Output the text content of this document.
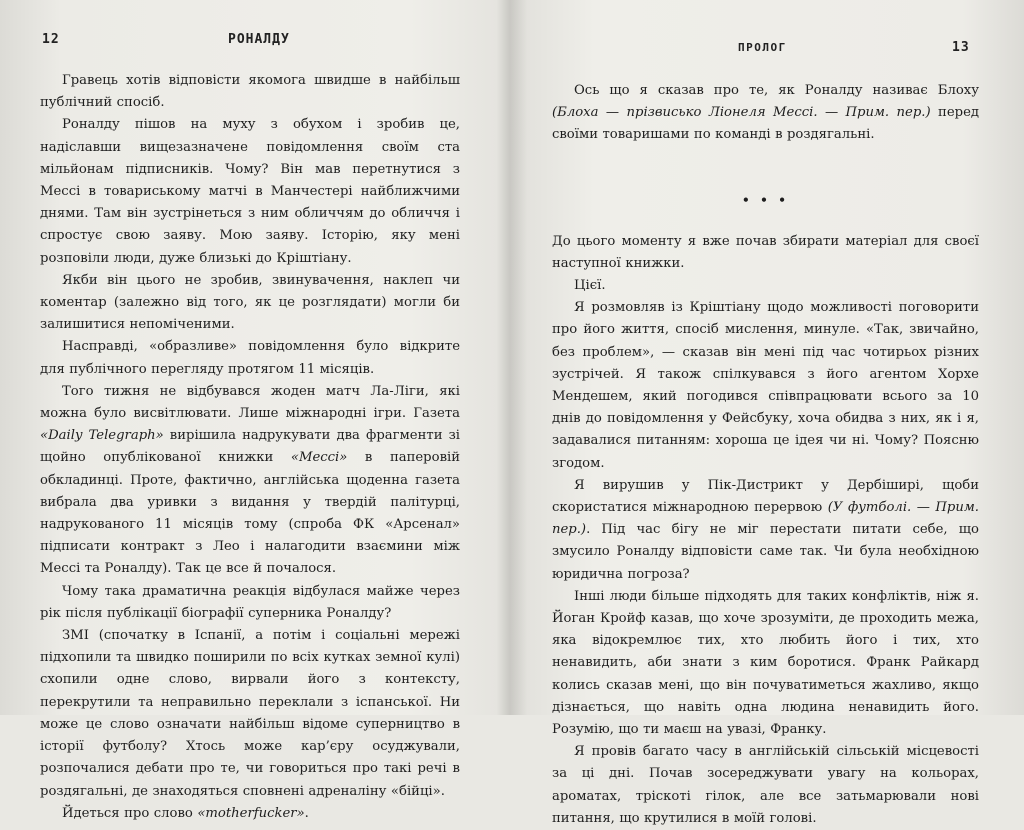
12	РОНАЛДУ

Гравець хотів відповісти якомога швидше в найбільш публічний спосіб.

Роналду пішов на муху з обухом і зробив це, надіславши вищезазначене повідомлення своїм ста мільйонам підписників. Чому? Він мав перетнутися з Мессі в товариському матчі в Манчестері найближчими днями. Там він зустрінеться з ним обличчям до обличчя і спростує свою заяву. Мою заяву. Історію, яку мені розповіли люди, дуже близькі до Кріштіану.

Якби він цього не зробив, звинувачення, наклеп чи коментар (залежно від того, як це розглядати) могли би залишитися непоміченими.

Насправді, «образливе» повідомлення було відкрите для публічного перегляду протягом 11 місяців.

Того тижня не відбувався жоден матч Ла-Ліги, які можна було висвітлювати. Лише міжнародні ігри. Газета «Daily Telegraph» вирішила надрукувати два фрагменти зі щойно опублікованої книжки «Мессі» в паперовій обкладинці. Проте, фактично, англійська щоденна газета вибрала два уривки з видання у твердій палітурці, надрукованого 11 місяців тому (спроба ФК «Арсенал» підписати контракт з Лео і налагодити взаємини між Мессі та Роналду). Так це все й почалося.

Чому така драматична реакція відбулася майже через рік після публікації біографії суперника Роналду?

ЗМІ (спочатку в Іспанії, а потім і соціальні мережі підхопили та швидко поширили по всіх кутках земної кулі) схопили одне слово, вирвали його з контексту, перекрутили та неправильно переклали з іспанської. Ни може це слово означати найбільш відоме суперництво в історії футболу? Хтось може кар’єру осуджували, розпочалися дебати про те, чи говориться про такі речі в роздягальні, де знаходяться сповнені адреналіну «бійці».

Йдеться про слово «motherfucker».

ПРОЛОГ	13

Ось що я сказав про те, як Роналду називає Блоху (Блоха — прізвисько Ліонеля Мессі. — Прим. пер.) перед своїми товаришами по команді в роздягальні.

• • •

До цього моменту я вже почав збирати матеріал для своєї наступної книжки.

Цієї.

Я розмовляв із Кріштіану щодо можливості поговорити про його життя, спосіб мислення, минуле. «Так, звичайно, без проблем», — сказав він мені під час чотирьох різних зустрічей. Я також спілкувався з його агентом Хорхе Мендешем, який погодився співпрацювати всього за 10 днів до повідомлення у Фейсбуку, хоча обидва з них, як і я, задавалися питанням: хороша це ідея чи ні. Чому? Поясню згодом.

Я вирушив у Пік-Дистрикт у Дербіширі, щоби скористатися міжнародною перервою (У футболі. — Прим. пер.). Під час бігу не міг перестати питати себе, що змусило Роналду відповісти саме так. Чи була необхідною юридична погроза?

Інші люди більше підходять для таких конфліктів, ніж я. Йоган Кройф казав, що хоче зрозуміти, де проходить межа, яка відокремлює тих, хто любить його і тих, хто ненавидить, аби знати з ким боротися. Франк Райкард колись сказав мені, що він почуватиметься жахливо, якщо дізнається, що навіть одна людина ненавидить його. Розумію, що ти маєш на увазі, Франку.

Я провів багато часу в англійській сільській місцевості за ці дні. Почав зосереджувати увагу на кольорах, ароматах, тріскоті гілок, але все затьмарювали нові питання, що крутилися в моїй голові.
